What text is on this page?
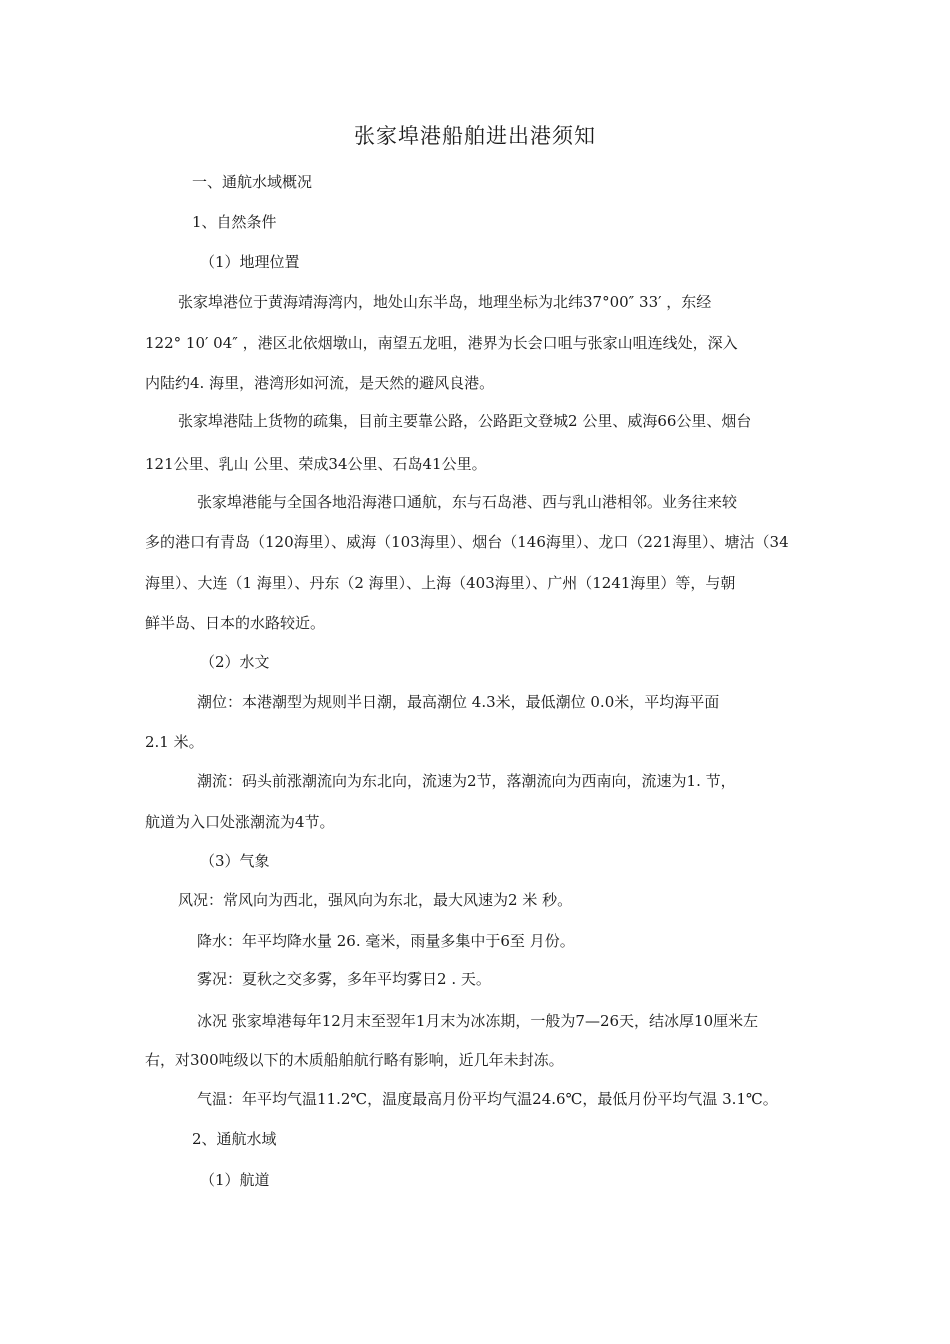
张家埠港船舶进出港须知
一、通航水域概况
1、自然条件
（1）地理位置
张家埠港位于黄海靖海湾内，地处山东半岛，地理坐标为北纬37°00″ 33′ ，东经
122° 10′ 04″ ，港区北依烟墩山，南望五龙咀，港界为长会口咀与张家山咀连线处，深入
内陆约4. 海里，港湾形如河流，是天然的避风良港。
张家埠港陆上货物的疏集，目前主要靠公路，公路距文登城2 公里、威海66公里、烟台
121公里、乳山 公里、荣成34公里、石岛41公里。
张家埠港能与全国各地沿海港口通航，东与石岛港、西与乳山港相邻。业务往来较
多的港口有青岛（120海里）、威海（103海里）、烟台（146海里）、龙口（221海里）、塘沽（34
海里）、大连（1 海里）、丹东（2 海里）、上海（403海里）、广州（1241海里）等，与朝
鲜半岛、日本的水路较近。
（2）水文
潮位：本港潮型为规则半日潮，最高潮位 4.3米，最低潮位 0.0米，平均海平面
2.1 米。
潮流：码头前涨潮流向为东北向，流速为2节，落潮流向为西南向，流速为1. 节，
航道为入口处涨潮流为4节。
（3）气象
风况：常风向为西北，强风向为东北，最大风速为2 米 秒。
降水：年平均降水量 26. 毫米，雨量多集中于6至 月份。
雾况：夏秋之交多雾，多年平均雾日2 . 天。
冰况 张家埠港每年12月末至翌年1月末为冰冻期，一般为7—26天，结冰厚10厘米左
右，对300吨级以下的木质船舶航行略有影响，近几年未封冻。
气温：年平均气温11.2℃，温度最高月份平均气温24.6℃，最低月份平均气温 3.1℃。
2、通航水域
（1）航道
